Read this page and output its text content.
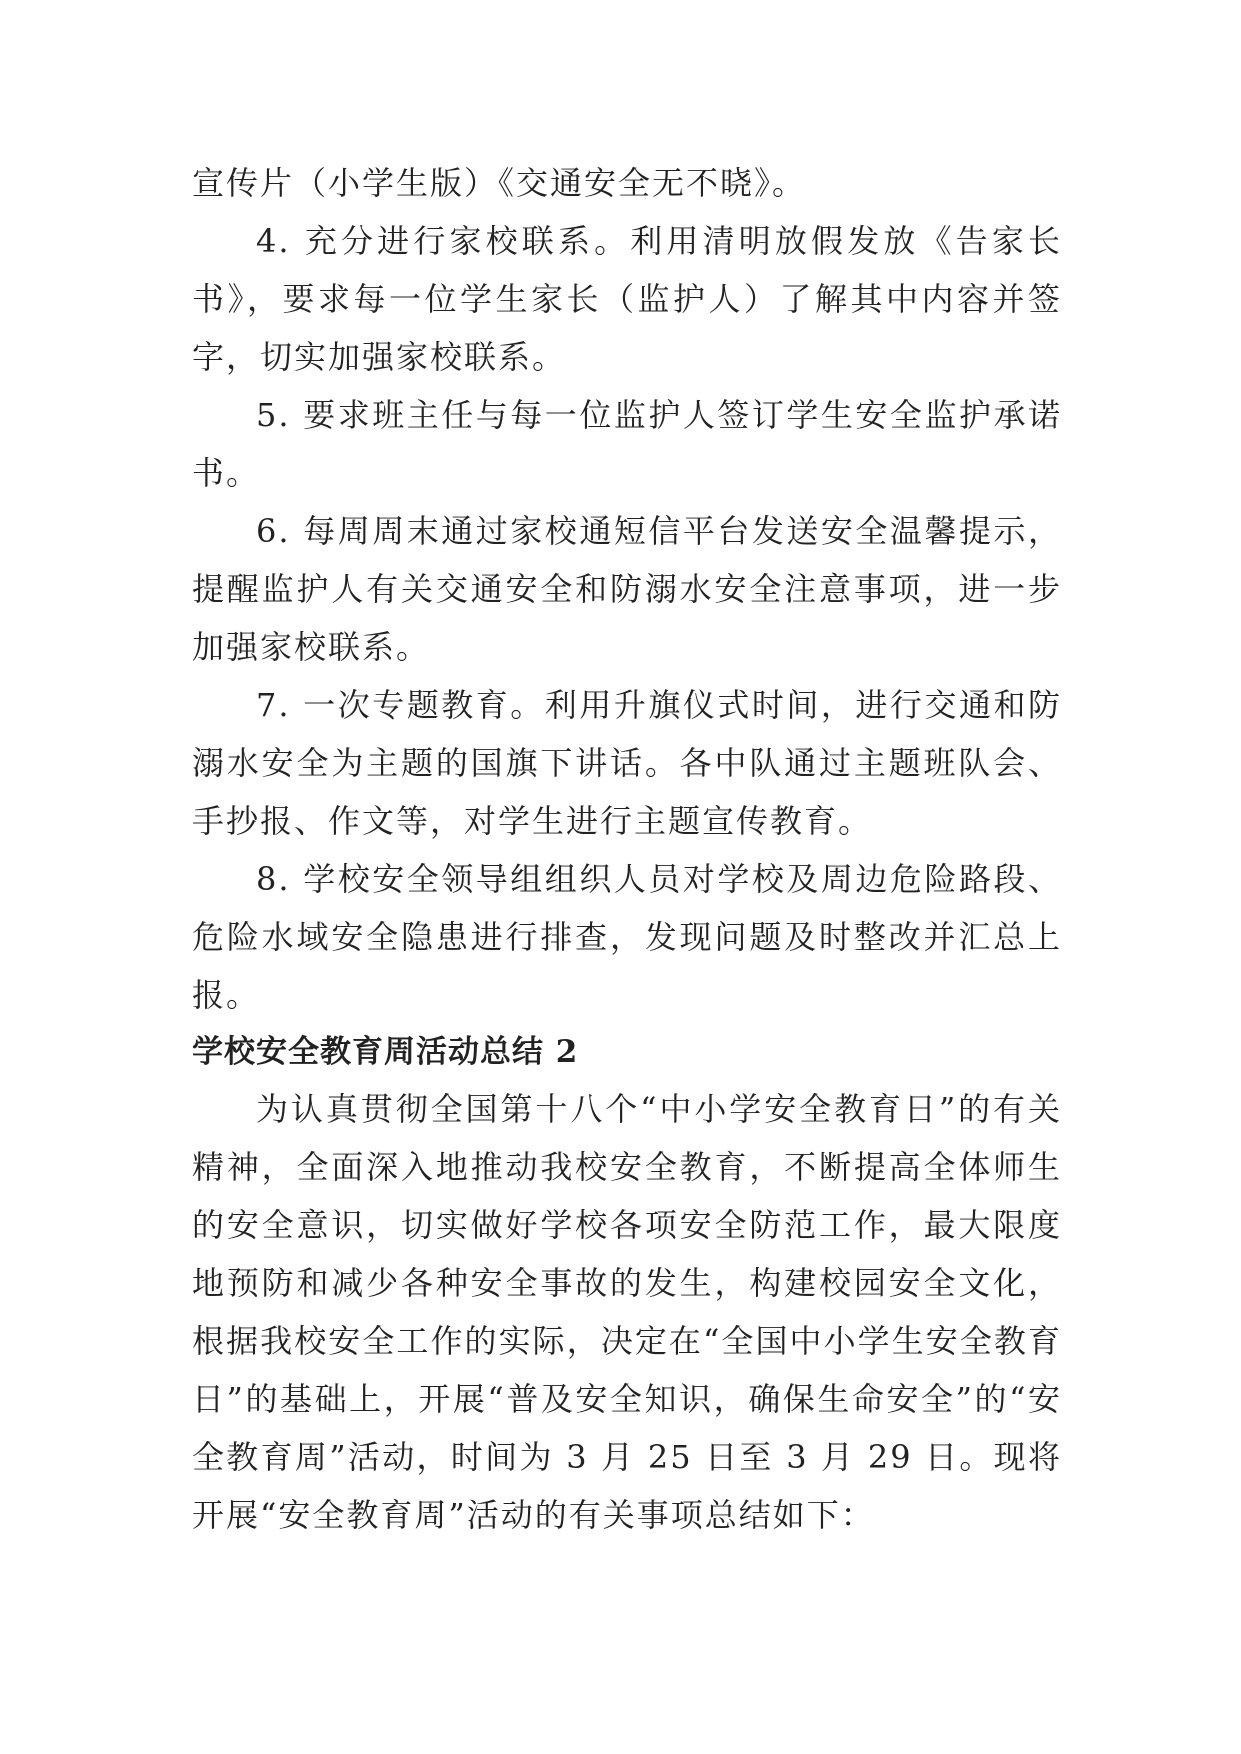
宣传片（小学生版）《交通安全无不晓》。

4. 充分进行家校联系。利用清明放假发放《告家长书》，要求每一位学生家长（监护人）了解其中内容并签字，切实加强家校联系。

5. 要求班主任与每一位监护人签订学生安全监护承诺书。

6. 每周周末通过家校通短信平台发送安全温馨提示，提醒监护人有关交通安全和防溺水安全注意事项，进一步加强家校联系。

7. 一次专题教育。利用升旗仪式时间，进行交通和防溺水安全为主题的国旗下讲话。各中队通过主题班队会、手抄报、作文等，对学生进行主题宣传教育。

8. 学校安全领导组组织人员对学校及周边危险路段、危险水域安全隐患进行排查，发现问题及时整改并汇总上报。

学校安全教育周活动总结 2

为认真贯彻全国第十八个“中小学安全教育日”的有关精神，全面深入地推动我校安全教育，不断提高全体师生的安全意识，切实做好学校各项安全防范工作，最大限度地预防和减少各种安全事故的发生，构建校园安全文化，根据我校安全工作的实际，决定在“全国中小学生安全教育日”的基础上，开展“普及安全知识，确保生命安全”的“安全教育周”活动，时间为 3 月 25 日至 3 月 29 日。现将开展“安全教育周”活动的有关事项总结如下：
